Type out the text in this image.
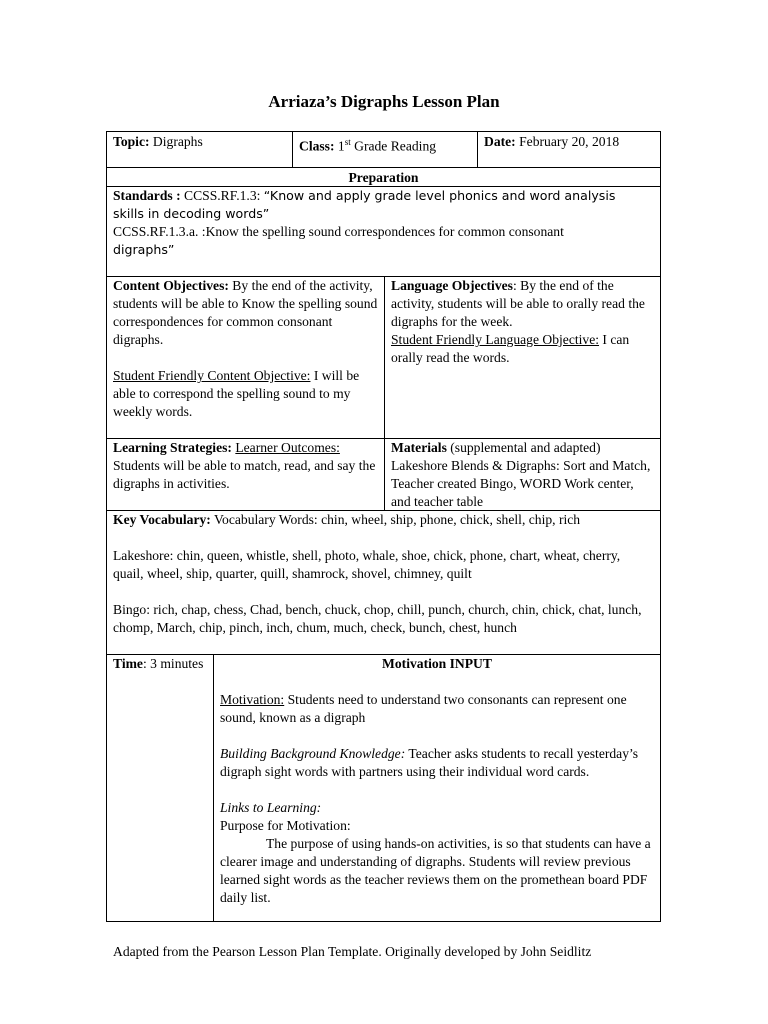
Arriaza’s Digraphs Lesson Plan
Topic: Digraphs	Class: 1st Grade Reading	Date: February 20, 2018
Preparation

Standards : CCSS.RF.1.3: “Know and apply grade level phonics and word analysis

skills in decoding words”

CCSS.RF.1.3.a. :Know the spelling sound correspondences for common consonant

digraphs”

Content Objectives: By the end of the activity, students will be able to Know the spelling sound correspondences for common consonant digraphs.

Student Friendly Content Objective: I will be able to correspond the spelling sound to my weekly words.

Language Objectives: By the end of the activity, students will be able to orally read the digraphs for the week.

Student Friendly Language Objective: I can orally read the words.

Learning Strategies: Learner Outcomes: Students will be able to match, read, and say the digraphs in activities.

Materials (supplemental and adapted) Lakeshore Blends & Digraphs: Sort and Match, Teacher created Bingo, WORD Work center, and teacher table

Key Vocabulary: Vocabulary Words: chin, wheel, ship, phone, chick, shell, chip, rich

Lakeshore: chin, queen, whistle, shell, photo, whale, shoe, chick, phone, chart, wheat, cherry, quail, wheel, ship, quarter, quill, shamrock, shovel, chimney, quilt

Bingo: rich, chap, chess, Chad, bench, chuck, chop, chill, punch, church, chin, chick, chat, lunch, chomp, March, chip, pinch, inch, chum, much, check, bunch, chest, hunch

Time: 3 minutes	Motivation INPUT

Motivation: Students need to understand two consonants can represent one sound, known as a digraph

Building Background Knowledge: Teacher asks students to recall yesterday’s digraph sight words with partners using their individual word cards.

Links to Learning:

Purpose for Motivation:

The purpose of using hands-on activities, is so that students can have a clearer image and understanding of digraphs. Students will review previous learned sight words as the teacher reviews them on the promethean board PDF daily list.

Adapted from the Pearson Lesson Plan Template. Originally developed by John Seidlitz
